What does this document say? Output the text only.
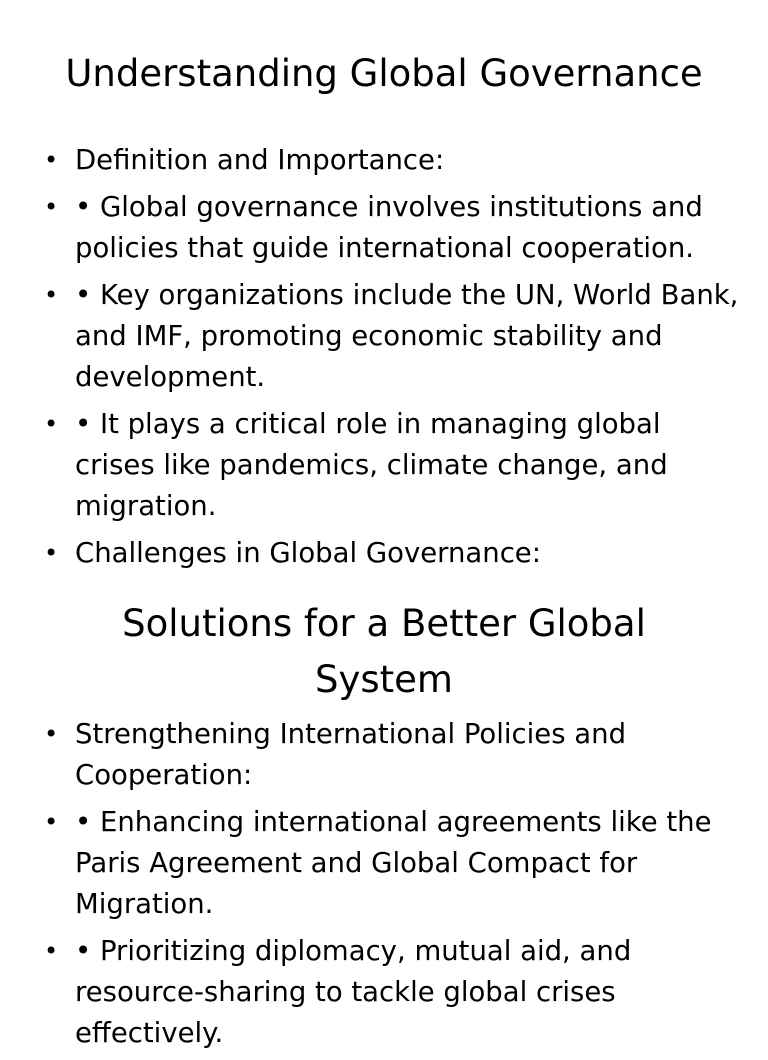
Understanding Global Governance
• Definition and Importance:
• • Global governance involves institutions and policies that guide international cooperation.
• • Key organizations include the UN, World Bank, and IMF, promoting economic stability and development.
• • It plays a critical role in managing global crises like pandemics, climate change, and migration.
• Challenges in Global Governance:
Solutions for a Better Global System
• Strengthening International Policies and Cooperation:
• • Enhancing international agreements like the Paris Agreement and Global Compact for Migration.
• • Prioritizing diplomacy, mutual aid, and resource-sharing to tackle global crises effectively.
